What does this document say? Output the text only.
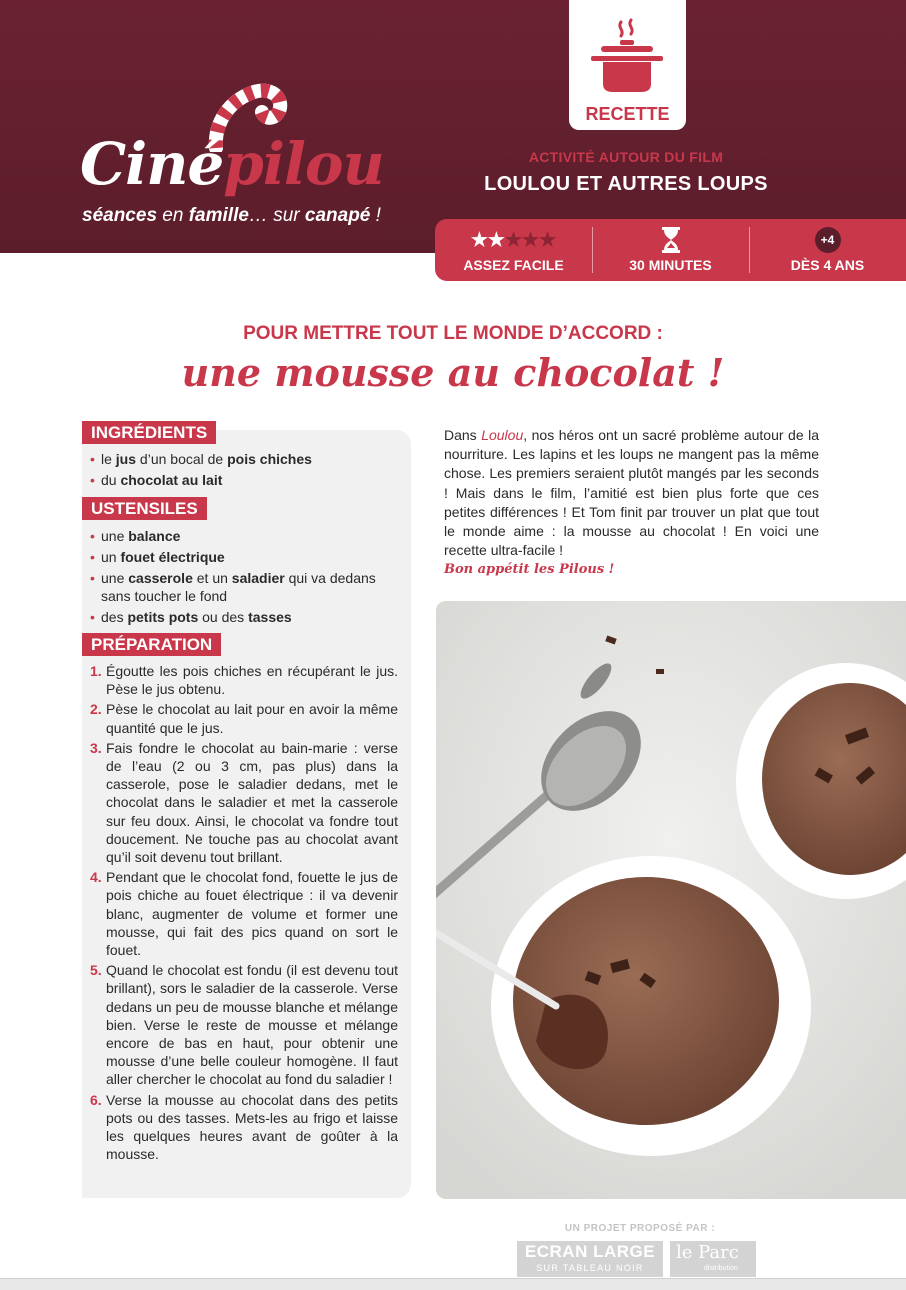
Cinépilou
séances en famille… sur canapé !
RECETTE
ACTIVITÉ AUTOUR DU FILM
LOULOU ET AUTRES LOUPS
★ ★ ★ ★ ★
ASSEZ FACILE	30 MINUTES
+4
DÈS 4 ANS
POUR METTRE TOUT LE MONDE D’ACCORD :
une mousse au chocolat !
INGRÉDIENTS
• le jus d’un bocal de pois chiches
• du chocolat au lait
USTENSILES
• une balance
• un fouet électrique
• une casserole et un saladier qui va dedans sans toucher le fond
• des petits pots ou des tasses
PRÉPARATION
1. Égoutte les pois chiches en récupérant le jus. Pèse le jus obtenu.
2. Pèse le chocolat au lait pour en avoir la même quantité que le jus.
3. Fais fondre le chocolat au bain-marie : verse de l’eau (2 ou 3 cm, pas plus) dans la casserole, pose le saladier dedans, met le chocolat dans le saladier et met la casserole sur feu doux. Ainsi, le chocolat va fondre tout doucement. Ne touche pas au chocolat avant qu’il soit devenu tout brillant.
4. Pendant que le chocolat fond, fouette le jus de pois chiche au fouet électrique : il va devenir blanc, augmenter de volume et former une mousse, qui fait des pics quand on sort le fouet.
5. Quand le chocolat est fondu (il est devenu tout brillant), sors le saladier de la casserole. Verse dedans un peu de mousse blanche et mélange bien. Verse le reste de mousse et mélange encore de bas en haut, pour obtenir une mousse d’une belle couleur homogène. Il faut aller chercher le chocolat au fond du saladier !
6. Verse la mousse au chocolat dans des petits pots ou des tasses. Mets-les au frigo et laisse les quelques heures avant de goûter à la mousse.
Dans Loulou, nos héros ont un sacré problème autour de la nourriture. Les lapins et les loups ne mangent pas la même chose. Les premiers seraient plutôt mangés par les seconds ! Mais dans le film, l’amitié est bien plus forte que ces petites différences ! Et Tom finit par trouver un plat que tout le monde aime : la mousse au chocolat ! En voici une recette ultra-facile !
Bon appétit les Pilous !
UN PROJET PROPOSÉ PAR :
ECRAN LARGE
SUR TABLEAU NOIR
le Parc
distribution
